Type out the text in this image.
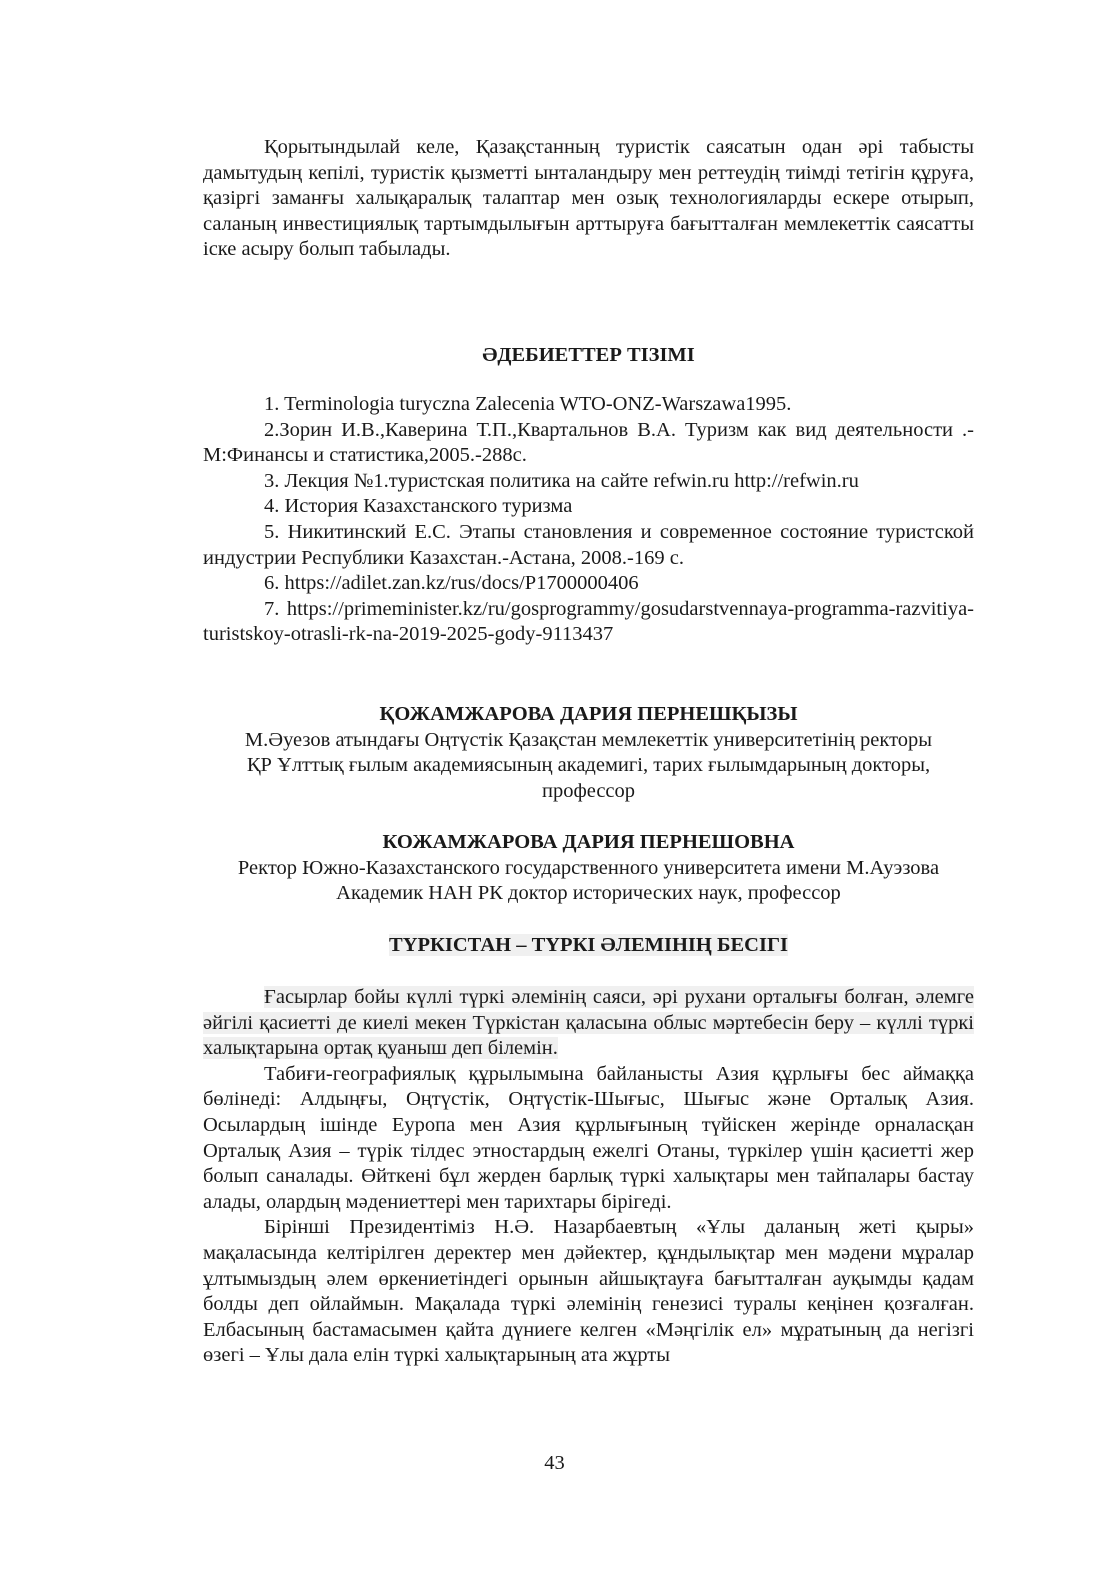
Қорытындылай келе, Қазақстанның туристік саясатын одан әрі табысты дамытудың кепілі, туристік қызметті ынталандыру мен реттеудің тиімді тетігін құруға, қазіргі заманғы халықаралық талаптар мен озық технологияларды ескере отырып, саланың инвестициялық тартымдылығын арттыруға бағытталған мемлекеттік саясатты іске асыру болып табылады.

ӘДЕБИЕТТЕР ТІЗІМІ

1. Terminologia turyczna Zalecenia WTO-ONZ-Warszawa1995.

2.Зорин И.В.,Каверина Т.П.,Квартальнов В.А. Туризм как вид деятельности .-М:Финансы и статистика,2005.-288с.

3. Лекция №1.туристская политика на сайте refwin.ru http://refwin.ru

4. История Казахстанского туризма

5. Никитинский Е.С. Этапы становления и современное состояние туристской индустрии Республики Казахстан.-Астана, 2008.-169 с.

6. https://adilet.zan.kz/rus/docs/P1700000406

7. https://primeminister.kz/ru/gosprogrammy/gosudarstvennaya-programma-razvitiya-turistskoy-otrasli-rk-na-2019-2025-gody-9113437

ҚОЖАМЖАРОВА ДАРИЯ ПЕРНЕШҚЫЗЫ
М.Әуезов атындағы Оңтүстік Қазақстан мемлекеттік университетінің ректоры
ҚР Ұлттық ғылым академиясының академигі, тарих ғылымдарының докторы,
профессор
КОЖАМЖАРОВА ДАРИЯ ПЕРНЕШОВНА
Ректор Южно-Казахстанского государственного университета имени М.Ауэзова
Академик НАН РК доктор исторических наук, профессор
ТҮРКІСТАН – ТҮРКІ ӘЛЕМІНІҢ БЕСІГІ

Ғасырлар бойы күллі түркі әлемінің саяси, әрі рухани орталығы болған, әлемге әйгілі қасиетті де киелі мекен Түркістан қаласына облыс мәртебесін беру – күллі түркі халықтарына ортақ қуаныш деп білемін.

Табиғи-географиялық құрылымына байланысты Азия құрлығы бес аймаққа бөлінеді: Алдыңғы, Оңтүстік, Оңтүстік-Шығыс, Шығыс және Орталық Азия. Осылардың ішінде Еуропа мен Азия құрлығының түйіскен жерінде орналасқан Орталық Азия – түрік тілдес этностардың ежелгі Отаны, түркілер үшін қасиетті жер болып саналады. Өйткені бұл жерден барлық түркі халықтары мен тайпалары бастау алады, олардың мәдениеттері мен тарихтары бірігеді.

Бірінші Президентіміз Н.Ә. Назарбаевтың «Ұлы даланың жеті қыры» мақаласында келтірілген деректер мен дәйектер, құндылықтар мен мәдени мұралар ұлтымыздың әлем өркениетіндегі орынын айшықтауға бағытталған ауқымды қадам болды деп ойлаймын. Мақалада түркі әлемінің генезисі туралы кеңінен қозғалған. Елбасының бастамасымен қайта дүниеге келген «Мәңгілік ел» мұратының да негізгі өзегі – Ұлы дала елін түркі халықтарының ата жұрты

43
